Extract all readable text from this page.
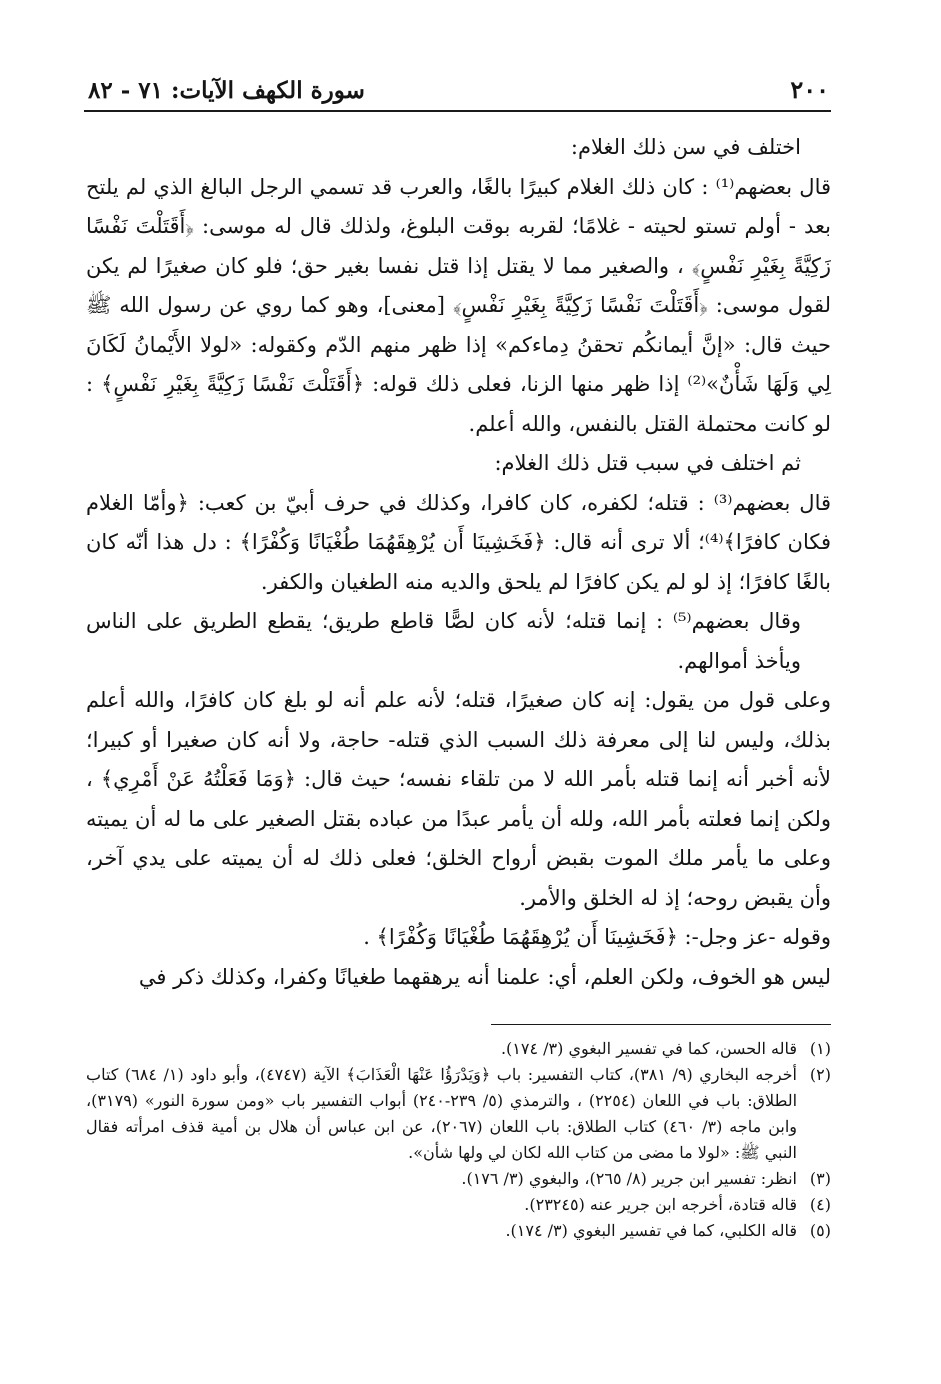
٢٠٠
سورة الكهف الآيات: ٧١ - ٨٢

اختلف في سن ذلك الغلام:

قال بعضهم⁽¹⁾ : كان ذلك الغلام كبيرًا بالغًا، والعرب قد تسمي الرجل البالغ الذي لم يلتح بعد - أولم تستو لحيته - غلامًا؛ لقربه بوقت البلوغ، ولذلك قال له موسى: ﴿أَقَتَلْتَ نَفْسًا زَكِيَّةً بِغَيْرِ نَفْسٍ﴾ ، والصغير مما لا يقتل إذا قتل نفسا بغير حق؛ فلو كان صغيرًا لم يكن لقول موسى: ﴿أَقَتَلْتَ نَفْسًا زَكِيَّةً بِغَيْرِ نَفْسٍ﴾ [معنى]، وهو كما روي عن رسول الله ﷺ حيث قال: «إنَّ أيمانكُم تحقنُ دِماءكم» إذا ظهر منهم الدّم وكقوله: «لولا الأَيْمانُ لَكَانَ لِي وَلَهَا شَأْنٌ»⁽²⁾ إذا ظهر منها الزنا، فعلى ذلك قوله: ﴿أَقَتَلْتَ نَفْسًا زَكِيَّةً بِغَيْرِ نَفْسٍ﴾ : لو كانت محتملة القتل بالنفس، والله أعلم.

ثم اختلف في سبب قتل ذلك الغلام:

قال بعضهم⁽³⁾ : قتله؛ لكفره، كان كافرا، وكذلك في حرف أبيّ بن كعب: ﴿وأمّا الغلام فكان كافرًا﴾⁽⁴⁾؛ ألا ترى أنه قال: ﴿فَخَشِينَا أَن يُرْهِقَهُمَا طُغْيَانًا وَكُفْرًا﴾ : دل هذا أنّه كان بالغًا كافرًا؛ إذ لو لم يكن كافرًا لم يلحق والديه منه الطغيان والكفر.

وقال بعضهم⁽⁵⁾ : إنما قتله؛ لأنه كان لصًّا قاطع طريق؛ يقطع الطريق على الناس ويأخذ أموالهم.

وعلى قول من يقول: إنه كان صغيرًا، قتله؛ لأنه علم أنه لو بلغ كان كافرًا، والله أعلم بذلك، وليس لنا إلى معرفة ذلك السبب الذي قتله- حاجة، ولا أنه كان صغيرا أو كبيرا؛ لأنه أخبر أنه إنما قتله بأمر الله لا من تلقاء نفسه؛ حيث قال: ﴿وَمَا فَعَلْتُهُ عَنْ أَمْرِي﴾ ، ولكن إنما فعلته بأمر الله، ولله أن يأمر عبدًا من عباده بقتل الصغير على ما له أن يميته وعلى ما يأمر ملك الموت بقبض أرواح الخلق؛ فعلى ذلك له أن يميته على يدي آخر، وأن يقبض روحه؛ إذ له الخلق والأمر.

وقوله -عز وجل-: ﴿فَخَشِينَا أَن يُرْهِقَهُمَا طُغْيَانًا وَكُفْرًا﴾ .

ليس هو الخوف، ولكن العلم، أي: علمنا أنه يرهقهما طغيانًا وكفرا، وكذلك ذكر في

(١)
قاله الحسن، كما في تفسير البغوي (٣/ ١٧٤).
(٢)
أخرجه البخاري (٩/ ٣٨١)، كتاب التفسير: باب ﴿وَيَدْرَؤُا عَنْهَا الْعَذَابَ﴾ الآية (٤٧٤٧)، وأبو داود (١/ ٦٨٤) كتاب الطلاق: باب في اللعان (٢٢٥٤) ، والترمذي (٥/ ٢٣٩-٢٤٠) أبواب التفسير باب «ومن سورة النور» (٣١٧٩)، وابن ماجه (٣/ ٤٦٠) كتاب الطلاق: باب اللعان (٢٠٦٧)، عن ابن عباس أن هلال بن أمية قذف امرأته فقال النبي ﷺ: «لولا ما مضى من كتاب الله لكان لي ولها شأن».
(٣)
انظر: تفسير ابن جرير (٨/ ٢٦٥)، والبغوي (٣/ ١٧٦).
(٤)
قاله قتادة، أخرجه ابن جرير عنه (٢٣٢٤٥).
(٥)
قاله الكلبي، كما في تفسير البغوي (٣/ ١٧٤).
